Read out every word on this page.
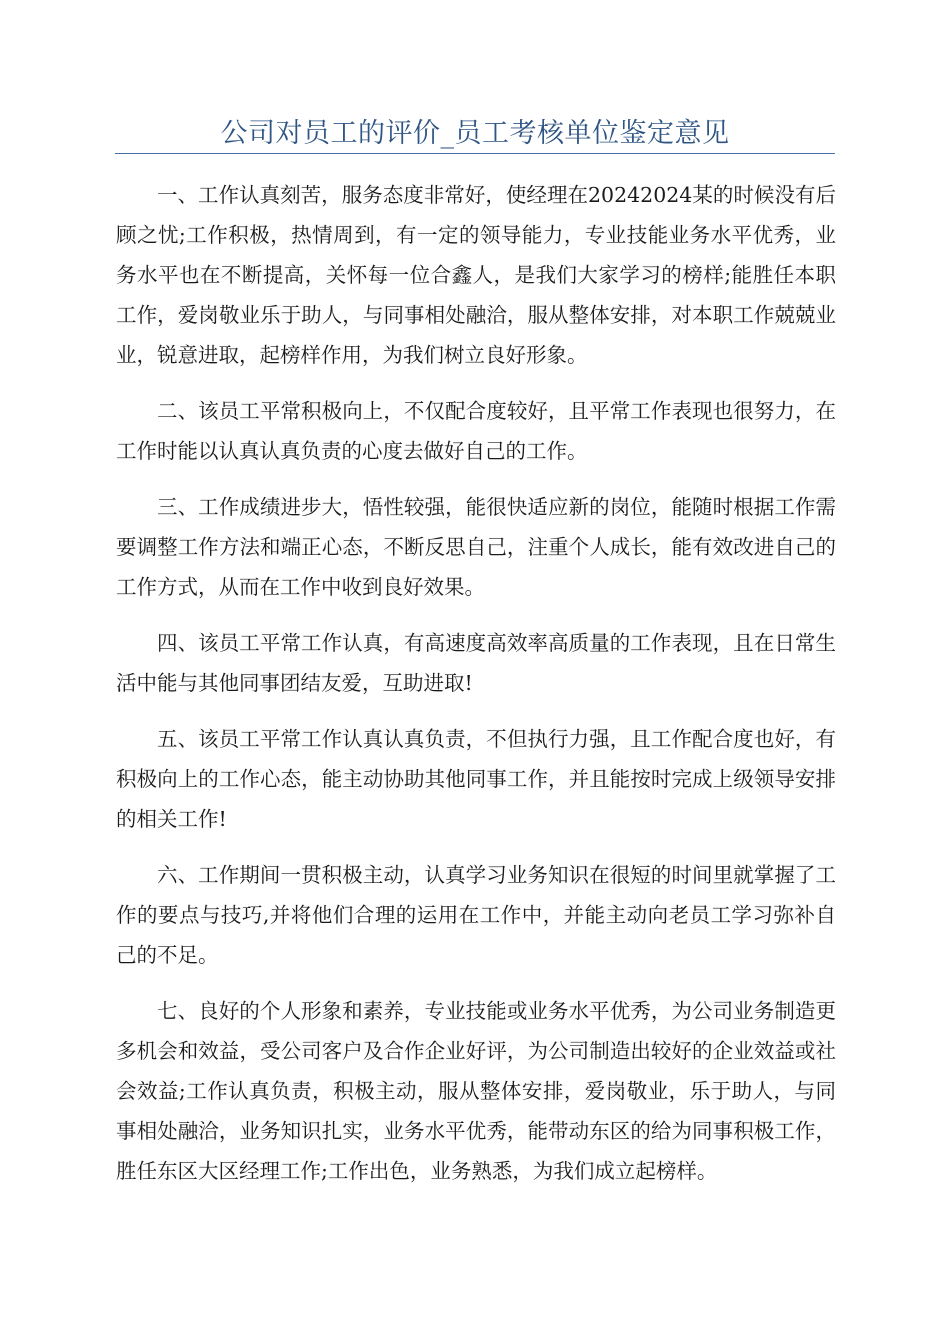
公司对员工的评价_员工考核单位鉴定意见

一、工作认真刻苦，服务态度非常好，使经理在20242024某的时候没有后顾之忧;工作积极，热情周到，有一定的领导能力，专业技能业务水平优秀，业务水平也在不断提高，关怀每一位合鑫人，是我们大家学习的榜样;能胜任本职工作，爱岗敬业乐于助人，与同事相处融洽，服从整体安排，对本职工作兢兢业业，锐意进取，起榜样作用，为我们树立良好形象。

二、该员工平常积极向上，不仅配合度较好，且平常工作表现也很努力，在工作时能以认真认真负责的心度去做好自己的工作。

三、工作成绩进步大，悟性较强，能很快适应新的岗位，能随时根据工作需要调整工作方法和端正心态，不断反思自己，注重个人成长，能有效改进自己的工作方式，从而在工作中收到良好效果。

四、该员工平常工作认真，有高速度高效率高质量的工作表现，且在日常生活中能与其他同事团结友爱，互助进取!

五、该员工平常工作认真认真负责，不但执行力强，且工作配合度也好，有积极向上的工作心态，能主动协助其他同事工作，并且能按时完成上级领导安排的相关工作!

六、工作期间一贯积极主动，认真学习业务知识在很短的时间里就掌握了工作的要点与技巧,并将他们合理的运用在工作中，并能主动向老员工学习弥补自己的不足。

七、良好的个人形象和素养，专业技能或业务水平优秀，为公司业务制造更多机会和效益，受公司客户及合作企业好评，为公司制造出较好的企业效益或社会效益;工作认真负责，积极主动，服从整体安排，爱岗敬业，乐于助人，与同事相处融洽，业务知识扎实，业务水平优秀，能带动东区的给为同事积极工作，胜任东区大区经理工作;工作出色，业务熟悉，为我们成立起榜样。
